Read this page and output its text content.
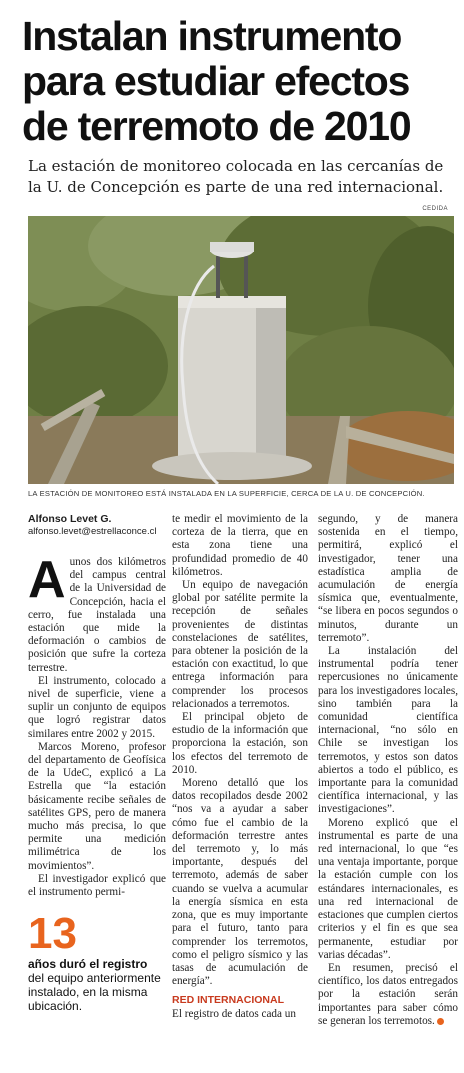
Instalan instrumento para estudiar efectos de terremoto de 2010
La estación de monitoreo colocada en las cercanías de la U. de Concepción es parte de una red internacional.
CEDIDA
LA ESTACIÓN DE MONITOREO ESTÁ INSTALADA EN LA SUPERFICIE, CERCA DE LA U. DE CONCEPCIÓN.
Alfonso Levet G.
alfonso.levet@estrellaconce.cl

Aunos dos kilómetros del campus central de la Universidad de Concepción, hacia el cerro, fue instalada una estación que mide la deformación o cambios de posición que sufre la corteza terrestre.

El instrumento, colocado a nivel de superficie, viene a suplir un conjunto de equipos que logró registrar datos similares entre 2002 y 2015.

Marcos Moreno, profesor del departamento de Geofísica de la UdeC, explicó a La Estrella que “la estación básicamente recibe señales de satélites GPS, pero de manera mucho más precisa, lo que permite una medición milimétrica de los movimientos”.

El investigador explicó que el instrumento permi-

13
años duró el registro del equipo anteriormente instalado, en la misma ubicación.

te medir el movimiento de la corteza de la tierra, que en esta zona tiene una profundidad promedio de 40 kilómetros.

Un equipo de navegación global por satélite permite la recepción de señales provenientes de distintas constelaciones de satélites, para obtener la posición de la estación con exactitud, lo que entrega información para comprender los procesos relacionados a terremotos.

El principal objeto de estudio de la información que proporciona la estación, son los efectos del terremoto de 2010.

Moreno detalló que los datos recopilados desde 2002 “nos va a ayudar a saber cómo fue el cambio de la deformación terrestre antes del terremoto y, lo más importante, después del terremoto, además de saber cuando se vuelva a acumular la energía sísmica en esta zona, que es muy importante para el futuro, tanto para comprender los terremotos, como el peligro sísmico y las tasas de acumulación de energía”.

RED INTERNACIONAL

El registro de datos cada un

segundo, y de manera sostenida en el tiempo, permitirá, explicó el investigador, tener una estadística amplia de acumulación de energía sísmica que, eventualmente, “se libera en pocos segundos o minutos, durante un terremoto”.

La instalación del instrumental podría tener repercusiones no únicamente para los investigadores locales, sino también para la comunidad científica internacional, “no sólo en Chile se investigan los terremotos, y estos son datos abiertos a todo el público, es importante para la comunidad científica internacional, y las investigaciones”.

Moreno explicó que el instrumental es parte de una red internacional, lo que “es una ventaja importante, porque la estación cumple con los estándares internacionales, es una red internacional de estaciones que cumplen ciertos criterios y el fin es que sea permanente, estudiar por varias décadas”.

En resumen, precisó el científico, los datos entregados por la estación serán importantes para saber cómo se generan los terremotos.
